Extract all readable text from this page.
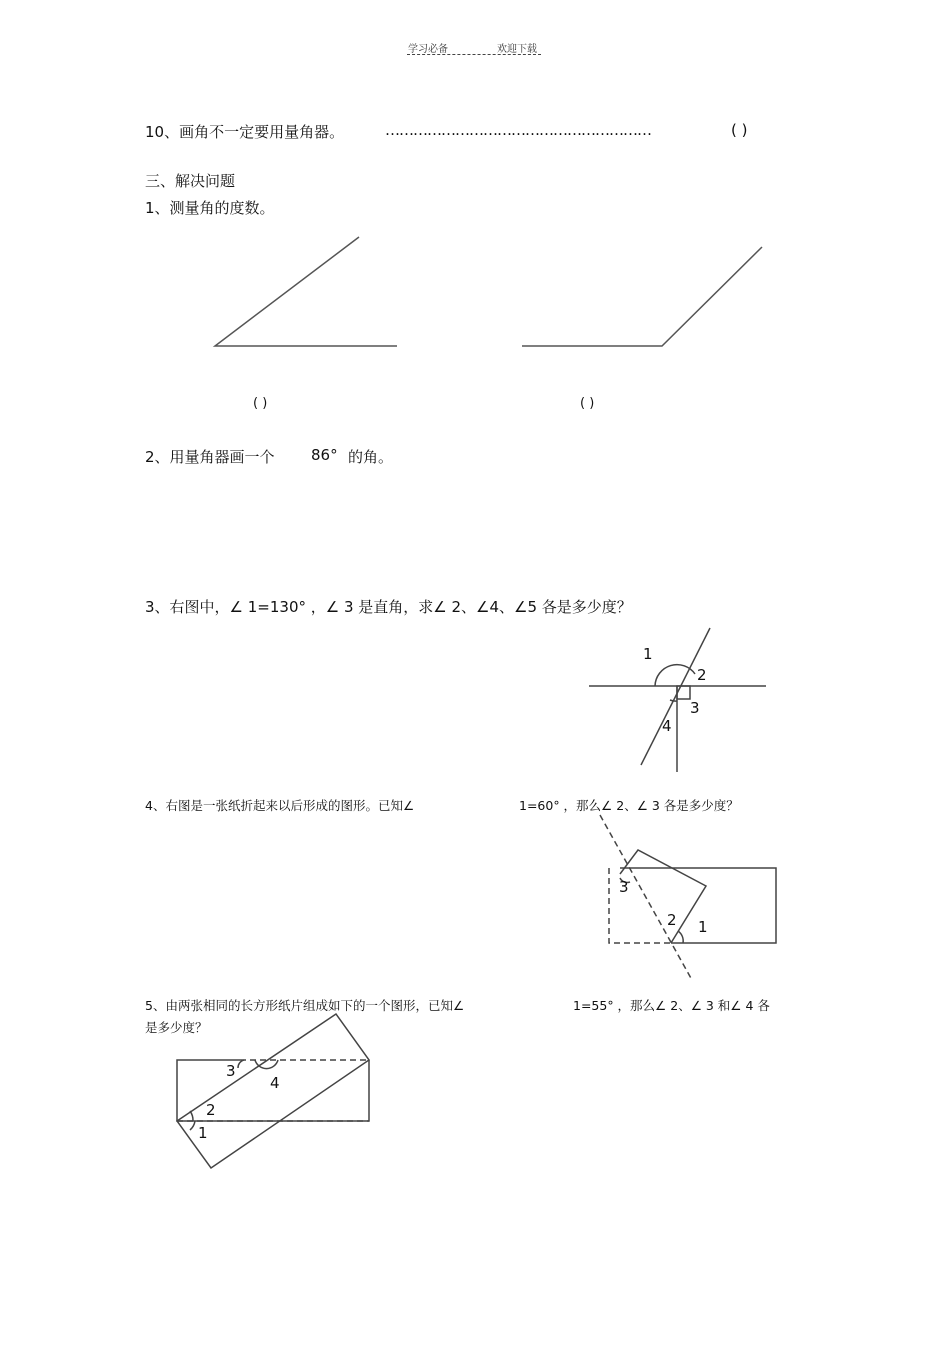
学习必备	欢迎下载
10、画角不一定要用量角器。	…………………………………………………	( )
三、解决问题
1、测量角的度数。
( )	( )
2、用量角器画一个 86° 的角。
3、右图中，∠ 1=130° ，∠ 3 是直角，求∠ 2、∠4、∠5 各是多少度？
1
2
3
4
4、右图是一张纸折起来以后形成的图形。已知∠	1=60° ，那么∠ 2、∠ 3 各是多少度？
3
2 1
5、由两张相同的长方形纸片组成如下的一个图形，已知∠	1=55° ，那么∠ 2、∠ 3 和∠ 4 各
是多少度？
3
4
2
1
